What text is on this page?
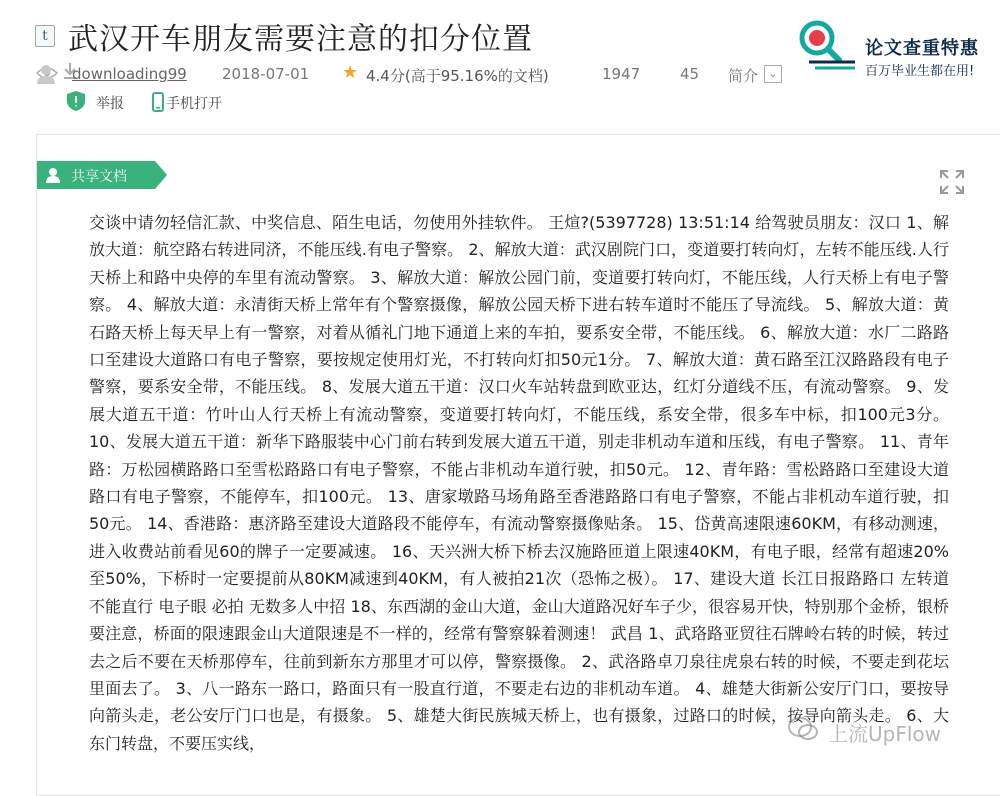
t 武汉开车朋友需要注意的扣分位置
downloading99 2018-07-01 ★ 4.4分(高于95.16%的文档)
	1947	45 简介 ⌄
举报	手机打开
论文查重特惠
百万毕业生都在用!
共享文档
交谈中请勿轻信汇款、中奖信息、陌生电话，勿使用外挂软件。 王煊?(5397728) 13:51:14 给驾驶员朋友：汉口 1、解放大道：航空路右转进同济，不能压线.有电子警察。 2、解放大道：武汉剧院门口，变道要打转向灯，左转不能压线.人行天桥上和路中央停的车里有流动警察。 3、解放大道：解放公园门前，变道要打转向灯，不能压线，人行天桥上有电子警察。 4、解放大道：永清街天桥上常年有个警察摄像，解放公园天桥下进右转车道时不能压了导流线。 5、解放大道：黄石路天桥上每天早上有一警察，对着从循礼门地下通道上来的车拍，要系安全带，不能压线。 6、解放大道：水厂二路路口至建设大道路口有电子警察，要按规定使用灯光，不打转向灯扣50元1分。 7、解放大道：黄石路至江汉路路段有电子警察，要系安全带，不能压线。 8、发展大道五干道：汉口火车站转盘到欧亚达，红灯分道线不压，有流动警察。 9、发展大道五干道：竹叶山人行天桥上有流动警察，变道要打转向灯，不能压线，系安全带，很多车中标，扣100元3分。 10、发展大道五干道：新华下路服装中心门前右转到发展大道五干道，别走非机动车道和压线，有电子警察。 11、青年路：万松园横路路口至雪松路路口有电子警察，不能占非机动车道行驶，扣50元。 12、青年路：雪松路路口至建设大道路口有电子警察，不能停车，扣100元。 13、唐家墩路马场角路至香港路路口有电子警察，不能占非机动车道行驶，扣50元。 14、香港路：惠济路至建设大道路段不能停车，有流动警察摄像贴条。 15、岱黄高速限速60KM，有移动测速，进入收费站前看见60的牌子一定要减速。 16、天兴洲大桥下桥去汉施路匝道上限速40KM，有电子眼，经常有超速20%至50%，下桥时一定要提前从80KM减速到40KM，有人被拍21次（恐怖之极）。 17、建设大道 长江日报路路口 左转道不能直行 电子眼 必拍 无数多人中招 18、东西湖的金山大道，金山大道路况好车子少，很容易开快，特别那个金桥，银桥要注意，桥面的限速跟金山大道限速是不一样的，经常有警察躲着测速！ 武昌 1、武珞路亚贸往石牌岭右转的时候，转过去之后不要在天桥那停车，往前到新东方那里才可以停，警察摄像。 2、武洛路卓刀泉往虎泉右转的时候，不要走到花坛里面去了。 3、八一路东一路口，路面只有一股直行道，不要走右边的非机动车道。 4、雄楚大街新公安厅门口，要按导向箭头走，老公安厅门口也是，有摄象。 5、雄楚大街民族城天桥上，也有摄象，过路口的时候，按导向箭头走。 6、大东门转盘，不要压实线，	上流UpFlow
